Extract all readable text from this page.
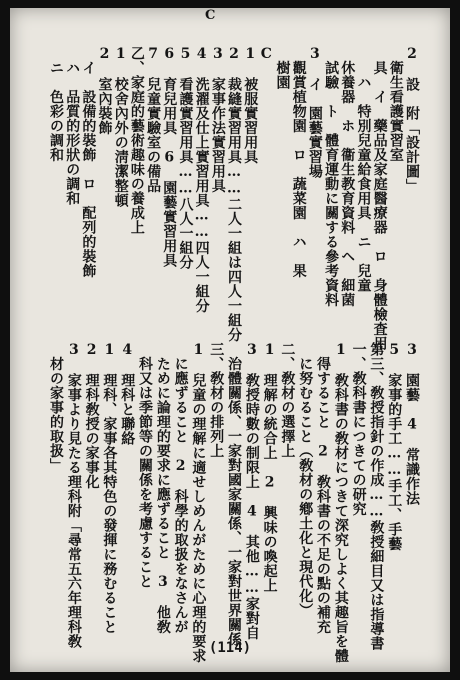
C
2　設　附「設計圖」
　衛生看護實習室
　具　イ　藥品及家庭醫療器　ロ　身體檢査用
　　ハ　特別兒童給食用具　ニ　兒童
　休養器　ホ　衞生教育資料　ヘ　細菌
　試驗　ト　體育運動に關する參考資料
3　イ　園藝實習場
　觀賞植物園　ロ　蔬菜園　ハ　果
　樹園
C
1　被服實習用具
2　裁縫實習用具……二人一組は四人一組分
3　家事作法實習用具
4　洗濯及仕上實習用具……四人一組分
5　看護實習用具……八人一組分
6　育兒用具　6　園藝實習用具
7　兒童實驗室の備品
乙、家庭的藝術趣味の養成上
1　校舍內外の淸潔整頓
2　室內裝飾
　イ　設備的裝飾　ロ　配列的裝飾
　ハ　品質的形狀の調和
　ニ　色彩の調和
3　園藝　4　常識作法
5　家事的手工……手工、手藝
第三、敎授指針の作成……敎授細目又は指導書
一、敎科書につきての研究
1　敎科書の敎材につきて深究しよく其趣旨を體
　得すること　2　敎科書の不足の點の補充
　に努むること（敎材の鄕土化と現代化）
二、敎材の選擇上
1　理解の統合上　2　興味の喚起上
3　敎授時數の制限上　4　其他……家對自
　治體關係、一家對國家關係、一家對世界關係
三、敎材の排列上
1　兒童の理解に適せしめんがために心理的要求
　に應ずること　2　科學的取扱をなさんが
　ために論理的要求に應ずること　3　他敎
　科又は季節等の關係を考慮すること
4　理科と聯絡
1　理科、家事各其特色の發揮に務むること
2　理科敎授の家事化
3　家事より見たる理科附「尋常五六年理科敎
　材の家事的取扱」
(114)
